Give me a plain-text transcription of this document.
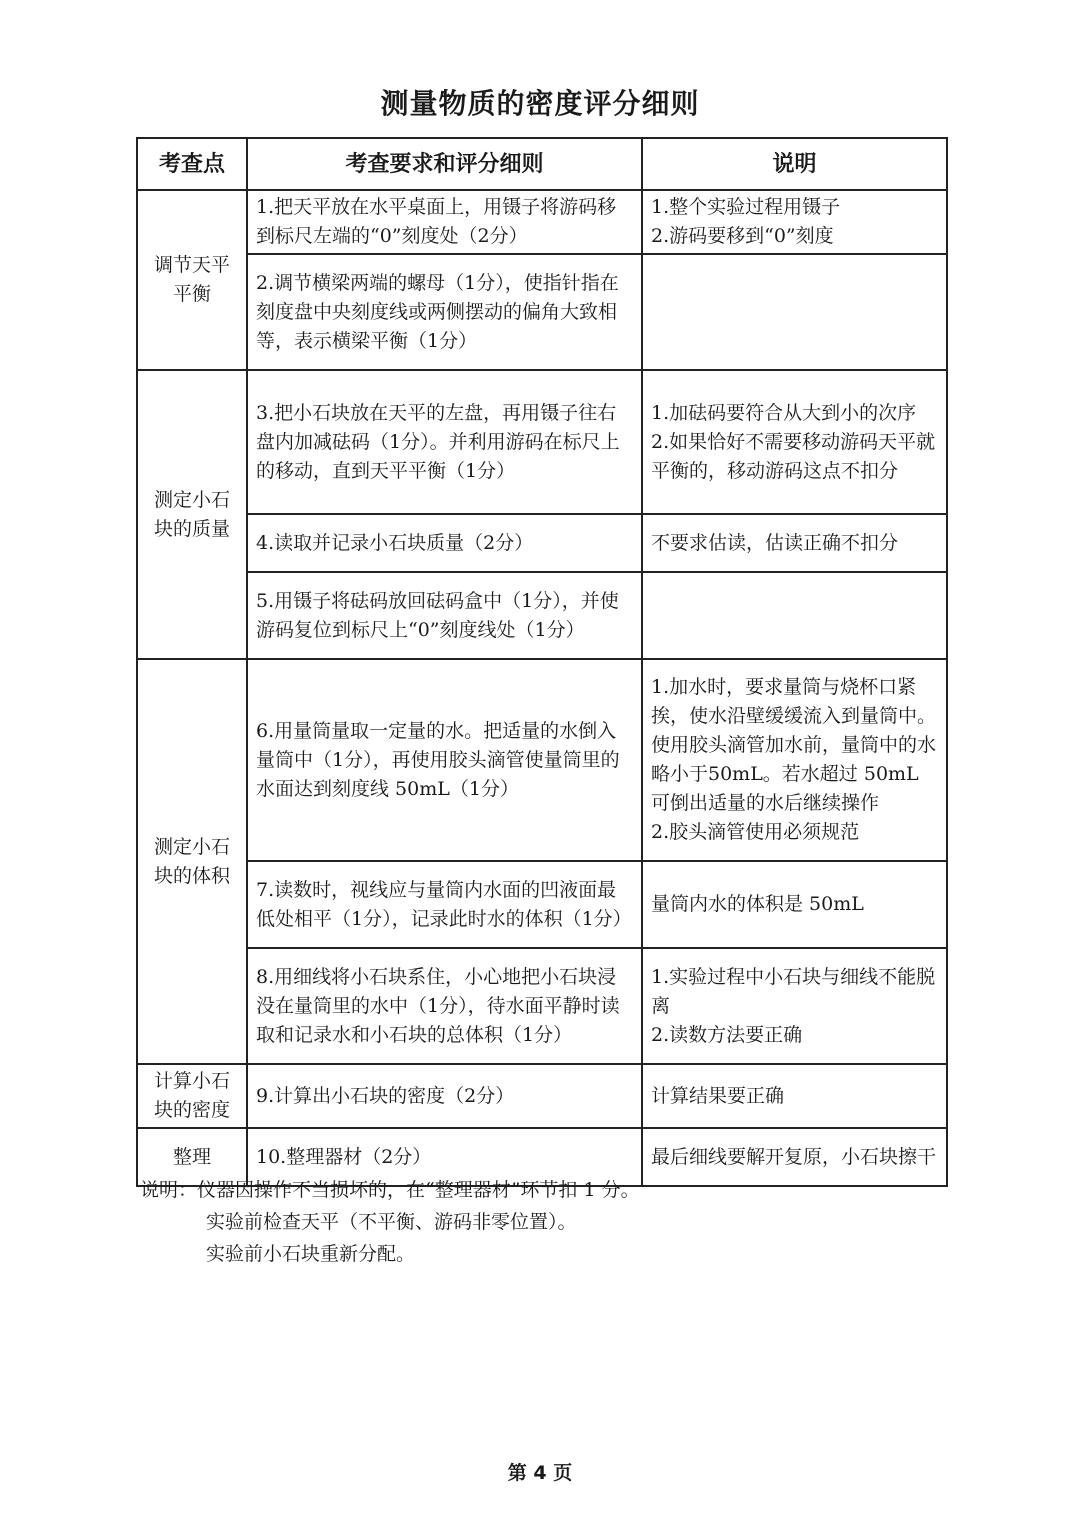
测量物质的密度评分细则
考查点	考查要求和评分细则	说明
调节天平平衡	1.把天平放在水平桌面上，用镊子将游码移到标尺左端的“0”刻度处（2分）	1.整个实验过程用镊子
2.游码要移到“0”刻度
	2.调节横梁两端的螺母（1分），使指针指在刻度盘中央刻度线或两侧摆动的偏角大致相等，表示横梁平衡（1分）	
测定小石块的质量	3.把小石块放在天平的左盘，再用镊子往右盘内加减砝码（1分）。并利用游码在标尺上的移动，直到天平平衡（1分）	1.加砝码要符合从大到小的次序
2.如果恰好不需要移动游码天平就平衡的，移动游码这点不扣分
	4.读取并记录小石块质量（2分）	不要求估读，估读正确不扣分
	5.用镊子将砝码放回砝码盒中（1分），并使游码复位到标尺上“0”刻度线处（1分）	
测定小石块的体积	6.用量筒量取一定量的水。把适量的水倒入量筒中（1分），再使用胶头滴管使量筒里的水面达到刻度线 50mL（1分）	1.加水时，要求量筒与烧杯口紧挨，使水沿壁缓缓流入到量筒中。使用胶头滴管加水前，量筒中的水略小于50mL。若水超过 50mL 可倒出适量的水后继续操作
2.胶头滴管使用必须规范
	7.读数时，视线应与量筒内水面的凹液面最低处相平（1分），记录此时水的体积（1分）	量筒内水的体积是 50mL
	8.用细线将小石块系住，小心地把小石块浸没在量筒里的水中（1分），待水面平静时读取和记录水和小石块的总体积（1分）	1.实验过程中小石块与细线不能脱离
2.读数方法要正确
计算小石块的密度	9.计算出小石块的密度（2分）	计算结果要正确
整理	10.整理器材（2分）	最后细线要解开复原，小石块擦干
说明：仪器因操作不当损坏的，在“整理器材”环节扣 1 分。
实验前检查天平（不平衡、游码非零位置）。
实验前小石块重新分配。
第 4 页
